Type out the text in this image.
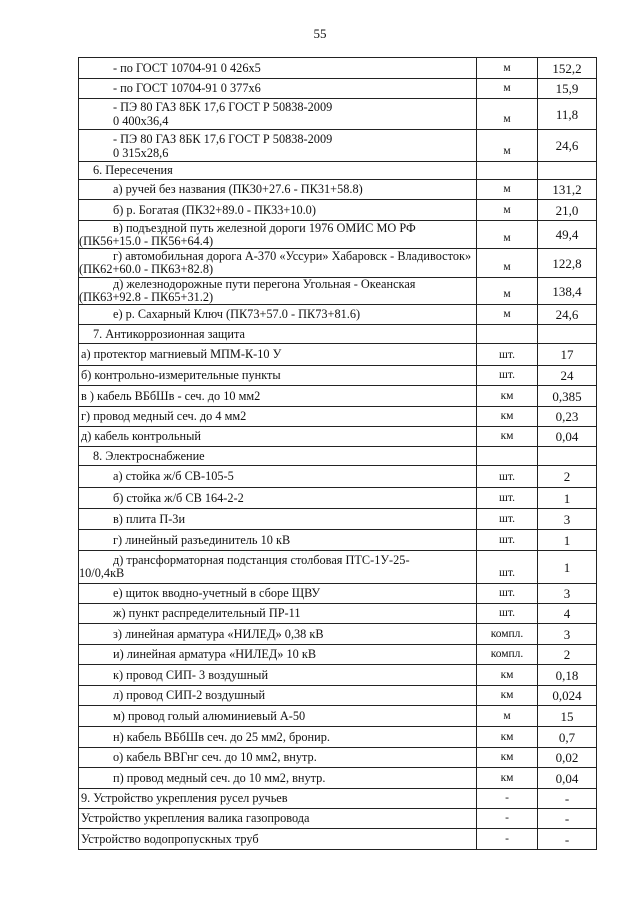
55
- по ГОСТ 10704-91 0 426х5	м	152,2

- по ГОСТ 10704-91 0 377х6	м	15,9

- ПЭ 80 ГАЗ 8БК 17,6 ГОСТ Р 50838-2009
0 400х36,4	м	11,8

- ПЭ 80 ГАЗ 8БК 17,6 ГОСТ Р 50838-2009
0 315х28,6	м	24,6

6. Пересечения		

а) ручей без названия (ПК30+27.6 - ПК31+58.8)	м	131,2

б) р. Богатая (ПК32+89.0 - ПК33+10.0)	м	21,0

в) подъездной путь железной дороги 1976 ОМИС МО РФ
(ПК56+15.0 - ПК56+64.4)	м	49,4

г) автомобильная дорога А-370 «Уссури» Хабаровск - Владивосток»
(ПК62+60.0 - ПК63+82.8)	м	122,8

д) железнодорожные пути перегона Угольная - Океанская
(ПК63+92.8 - ПК65+31.2)	м	138,4

е) р. Сахарный Ключ (ПК73+57.0 - ПК73+81.6)	м	24,6

7. Антикоррозионная защита		

а) протектор магниевый МПМ-К-10 У	шт.	17

б) контрольно-измерительные пункты	шт.	24

в ) кабель ВБбШв - сеч. до 10 мм2	км	0,385

г) провод медный сеч. до 4 мм2	км	0,23

д) кабель контрольный	км	0,04

8. Электроснабжение		

а) стойка ж/б СВ-105-5	шт.	2

б) стойка ж/б СВ 164-2-2	шт.	1

в) плита П-3и	шт.	3

г) линейный разъединитель 10 кВ	шт.	1

д) трансформаторная подстанция столбовая ПТС-1У-25-
10/0,4кВ	шт.	1

е) щиток вводно-учетный в сборе ЩВУ	шт.	3

ж) пункт распределительный ПР-11	шт.	4

з) линейная арматура «НИЛЕД» 0,38 кВ	компл.	3

и) линейная арматура «НИЛЕД» 10 кВ	компл.	2

к) провод СИП- 3 воздушный	км	0,18

л) провод СИП-2 воздушный	км	0,024

м) провод голый алюминиевый А-50	м	15

н) кабель ВБбШв сеч. до 25 мм2, бронир.	км	0,7

о) кабель ВВГнг сеч. до 10 мм2, внутр.	км	0,02

п) провод медный сеч. до 10 мм2, внутр.	км	0,04

9. Устройство укрепления русел ручьев	-	-

Устройство укрепления валика газопровода	-	-

Устройство водопропускных труб	-	-
